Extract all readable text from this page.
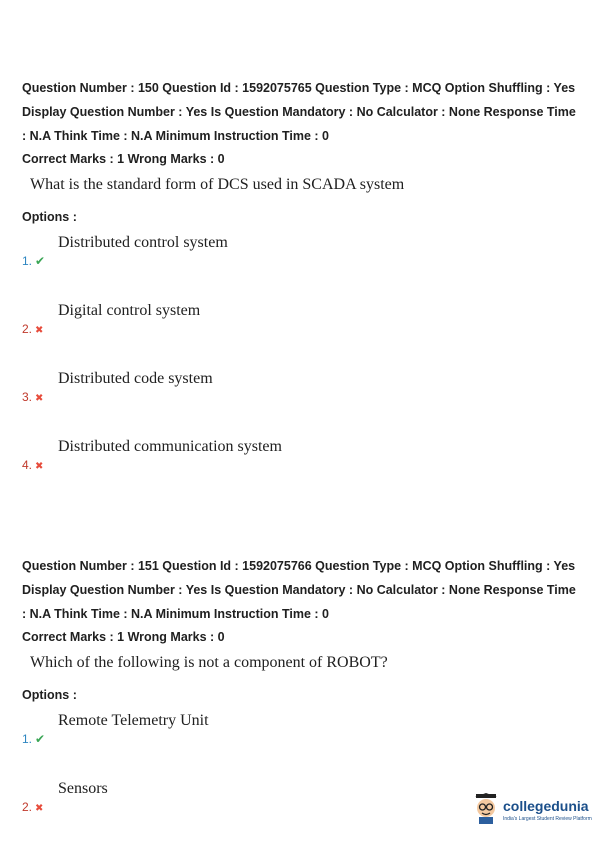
Question Number : 150 Question Id : 1592075765 Question Type : MCQ Option Shuffling : Yes
Display Question Number : Yes Is Question Mandatory : No Calculator : None Response Time
: N.A Think Time : N.A Minimum Instruction Time : 0
Correct Marks : 1 Wrong Marks : 0
What is the standard form of DCS used in SCADA system
Options :
Distributed control system
1. ✔
Digital control system
2. ✖
Distributed code system
3. ✖
Distributed communication system
4. ✖
Question Number : 151 Question Id : 1592075766 Question Type : MCQ Option Shuffling : Yes
Display Question Number : Yes Is Question Mandatory : No Calculator : None Response Time
: N.A Think Time : N.A Minimum Instruction Time : 0
Correct Marks : 1 Wrong Marks : 0
Which of the following is not a component of ROBOT?
Options :
Remote Telemetry Unit
1. ✔
Sensors
2. ✖	collegedunia
India's Largest Student Review Platform
